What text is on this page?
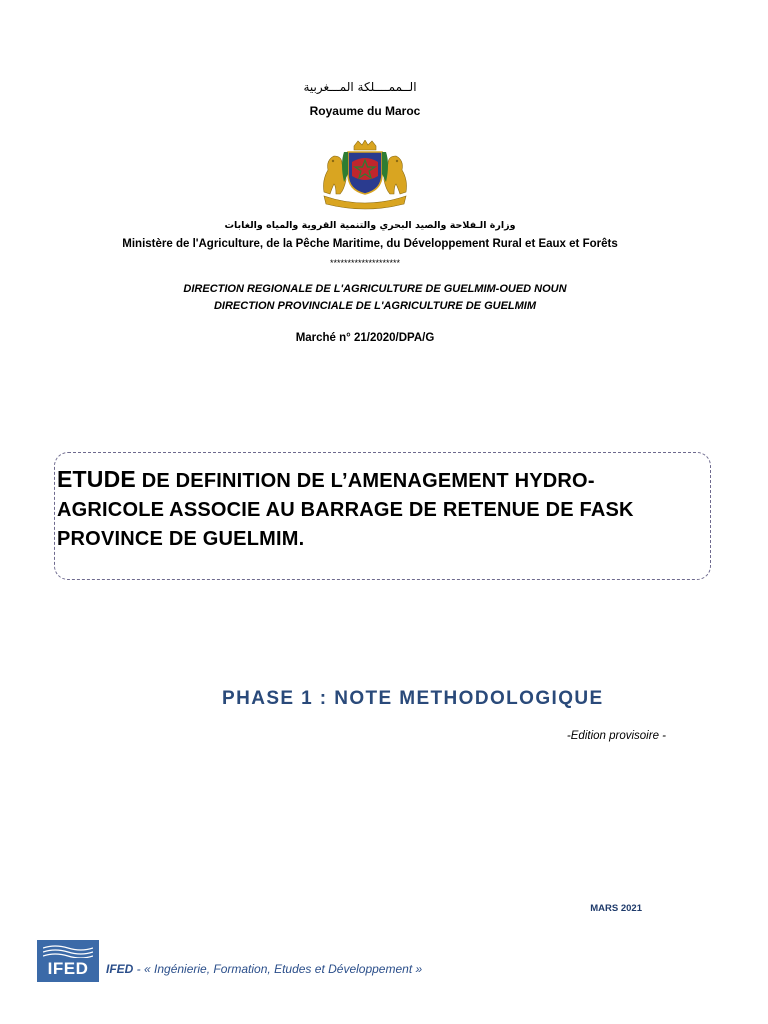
الــممــــلكة المـــغربية
Royaume du Maroc
وزارة الـفلاحة والصيد البحري والتنمية القروية والمياه والغابات
Ministère de l'Agriculture, de la Pêche Maritime, du Développement Rural et Eaux et Forêts
********************
DIRECTION REGIONALE DE L'AGRICULTURE DE GUELMIM-OUED NOUN
DIRECTION PROVINCIALE DE L'AGRICULTURE DE GUELMIM
Marché n° 21/2020/DPA/G
ETUDE DE DEFINITION DE L’AMENAGEMENT HYDRO-AGRICOLE ASSOCIE AU BARRAGE DE RETENUE DE FASK PROVINCE DE GUELMIM.
PHASE 1 : NOTE METHODOLOGIQUE
-Edition provisoire -
MARS 2021
IFED	IFED - « Ingénierie, Formation, Etudes et Développement »
